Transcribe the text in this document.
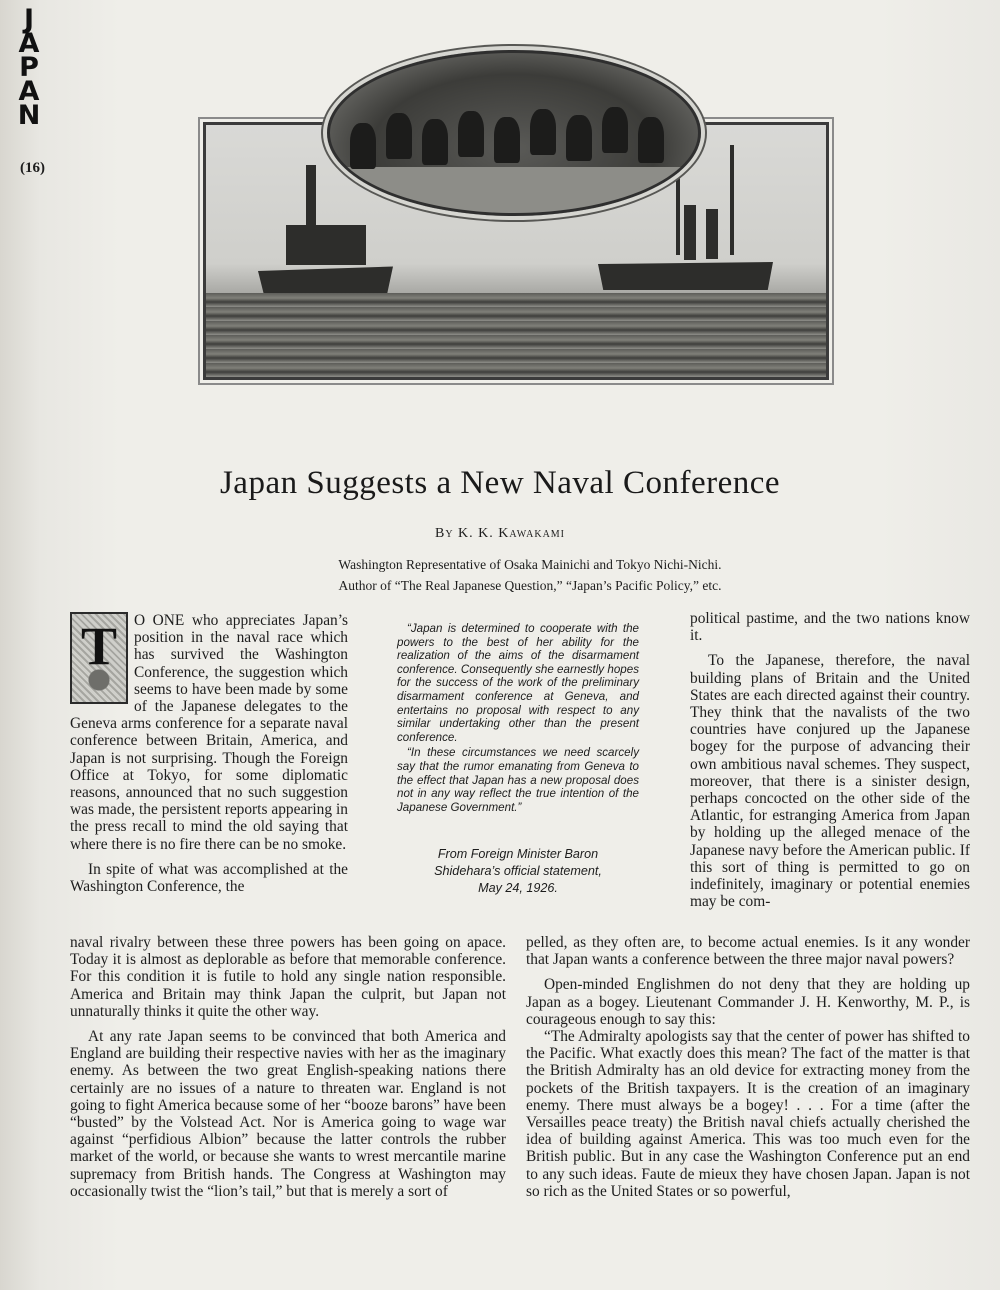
J
A
P
A
N
(16)
Japan Suggests a New Naval Conference
By K. K. Kawakami
Washington Representative of Osaka Mainichi and Tokyo Nichi-Nichi.
Author of “The Real Japanese Question,” “Japan’s Pacific Policy,” etc.
T	O ONE who appreciates Japan’s position in the naval race which has survived the Washington Conference, the suggestion which seems to have been made by some of the Japanese delegates to the Geneva arms conference for a separate naval conference between Britain, America, and Japan is not surprising. Though the Foreign Office at Tokyo, for some diplomatic reasons, announced that no such suggestion was made, the persistent reports appearing in the press recall to mind the old saying that where there is no fire there can be no smoke.

In spite of what was accomplished at the Washington Conference, the

“Japan is determined to cooperate with the powers to the best of her ability for the realization of the aims of the disarmament conference. Consequently she earnestly hopes for the success of the work of the preliminary disarmament conference at Geneva, and entertains no proposal with respect to any similar undertaking other than the present conference.

“In these circumstances we need scarcely say that the rumor emanating from Geneva to the effect that Japan has a new proposal does not in any way reflect the true intention of the Japanese Government.”

From Foreign Minister Baron
Shidehara’s official statement,
May 24, 1926.

political pastime, and the two nations know it.

To the Japanese, therefore, the naval building plans of Britain and the United States are each directed against their country. They think that the navalists of the two countries have conjured up the Japanese bogey for the purpose of advancing their own ambitious naval schemes. They suspect, moreover, that there is a sinister design, perhaps concocted on the other side of the Atlantic, for estranging America from Japan by holding up the alleged menace of the Japanese navy before the American public. If this sort of thing is permitted to go on indefinitely, imaginary or potential enemies may be com-

naval rivalry between these three powers has been going on apace. Today it is almost as deplorable as before that memorable conference. For this condition it is futile to hold any single nation responsible. America and Britain may think Japan the culprit, but Japan not unnaturally thinks it quite the other way.

At any rate Japan seems to be convinced that both America and England are building their respective navies with her as the imaginary enemy. As between the two great English-speaking nations there certainly are no issues of a nature to threaten war. England is not going to fight America because some of her “booze barons” have been “busted” by the Volstead Act. Nor is America going to wage war against “perfidious Albion” because the latter controls the rubber market of the world, or because she wants to wrest mercantile marine supremacy from British hands. The Congress at Washington may occasionally twist the “lion’s tail,” but that is merely a sort of

pelled, as they often are, to become actual enemies. Is it any wonder that Japan wants a conference between the three major naval powers?

Open-minded Englishmen do not deny that they are holding up Japan as a bogey. Lieutenant Commander J. H. Kenworthy, M. P., is courageous enough to say this:

“The Admiralty apologists say that the center of power has shifted to the Pacific. What exactly does this mean? The fact of the matter is that the British Admiralty has an old device for extracting money from the pockets of the British taxpayers. It is the creation of an imaginary enemy. There must always be a bogey! . . . For a time (after the Versailles peace treaty) the British naval chiefs actually cherished the idea of building against America. This was too much even for the British public. But in any case the Washington Conference put an end to any such ideas. Faute de mieux they have chosen Japan. Japan is not so rich as the United States or so powerful,
